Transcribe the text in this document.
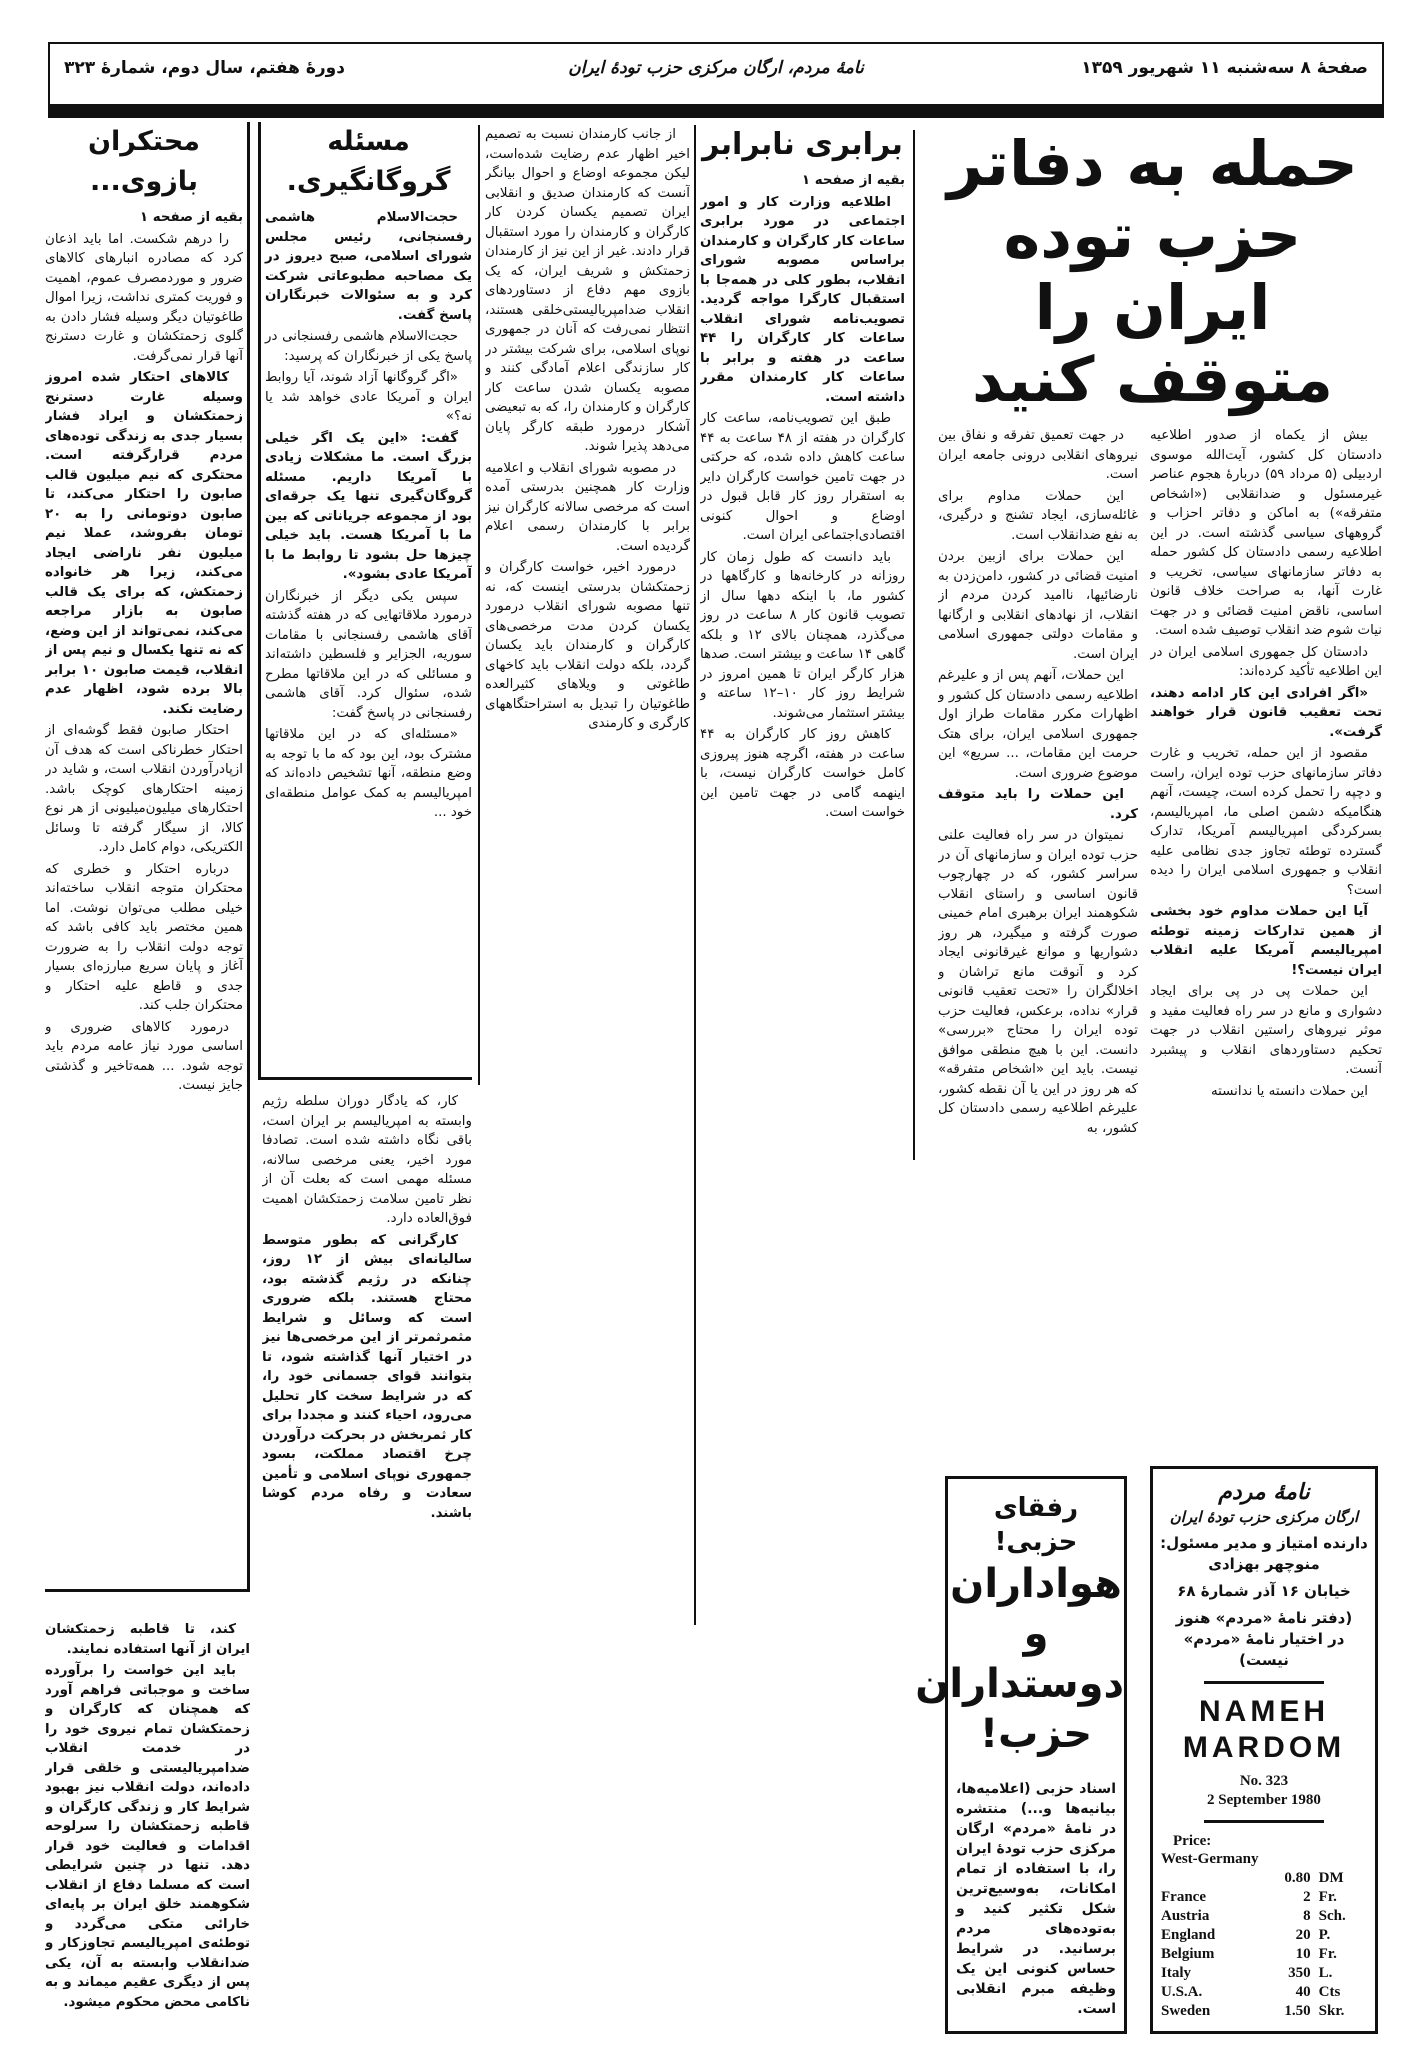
صفحهٔ ۸ سه‌شنبه ۱۱ شهریور ۱۳۵۹
نامهٔ مردم، ارگان مرکزی حزب تودهٔ ایران
دورهٔ هفتم، سال دوم، شمارهٔ ۳۲۳
حمله به دفاتر حزب توده ایران را متوقف کنید

بیش از یکماه از صدور اطلاعیه دادستان کل کشور، آیت‌الله موسوی اردبیلی (۵ مرداد ۵۹) دربارهٔ هجوم عناصر غیرمسئول و ضدانقلابی («اشخاص متفرقه») به اماکن و دفاتر احزاب و گروههای سیاسی گذشته است. در این اطلاعیه رسمی دادستان کل کشور حمله به دفاتر سازمانهای سیاسی، تخریب و غارت آنها، به صراحت خلاف قانون اساسی، ناقض امنیت قضائی و در جهت نیات شوم ضد انقلاب توصیف شده است.

دادستان کل جمهوری اسلامی ایران در این اطلاعیه تأکید کرده‌اند:

«اگر افرادی این کار ادامه دهند، تحت تعقیب قانون قرار خواهند گرفت».

مقصود از این حمله، تخریب و غارت دفاتر سازمانهای حزب توده ایران، راست و دچپه را تحمل کرده است، چیست، آنهم هنگامیکه دشمن اصلی ما، امپریالیسم، بسرکردگی امپریالیسم آمریکا، تدارک گسترده توطئه تجاوز جدی نظامی علیه انقلاب و جمهوری اسلامی ایران را دیده است؟

آیا این حملات مداوم خود بخشی از همین تدارکات زمینه توطئه امپریالیسم آمریکا علیه انقلاب ایران نیست؟!

این حملات پی در پی برای ایجاد دشواری و مانع در سر راه فعالیت مفید و موثر نیروهای راستین انقلاب در جهت تحکیم دستاوردهای انقلاب و پیشبرد آنست.

این حملات دانسته یا ندانسته

در جهت تعمیق تفرقه و نفاق بین نیروهای انقلابی درونی جامعه ایران است.

این حملات مداوم برای غائله‌سازی، ایجاد تشنج و درگیری، به نفع ضدانقلاب است.

این حملات برای ازبین بردن امنیت قضائی در کشور، دامن‌زدن به نارضائیها، ناامید کردن مردم از انقلاب، از نهادهای انقلابی و ارگانها و مقامات دولتی جمهوری اسلامی ایران است.

این حملات، آنهم پس از و علیرغم اطلاعیه رسمی دادستان کل کشور و اظهارات مکرر مقامات طراز اول جمهوری اسلامی ایران، برای هتک حرمت این مقامات، ... سریع» این موضوع ضروری است.

این حملات را باید متوقف کرد.

نمیتوان در سر راه فعالیت علنی حزب توده ایران و سازمانهای آن در سراسر کشور، که در چهارچوب قانون اساسی و راستای انقلاب شکوهمند ایران برهبری امام خمینی صورت گرفته و میگیرد، هر روز دشواریها و موانع غیرقانونی ایجاد کرد و آنوقت مانع تراشان و اخلالگران را «تحت تعقیب قانونی قرار» نداده، برعکس، فعالیت حزب توده ایران را محتاج «بررسی» دانست. این با هیچ منطقی موافق نیست. باید این «اشخاص متفرقه» که هر روز در این یا آن نقطه کشور، علیرغم اطلاعیه رسمی دادستان کل کشور، به

نامهٔ مردم
ارگان مرکزی حزب تودهٔ ایران
دارنده امتیاز و مدیر مسئول:
منوچهر بهزادی
خیابان ۱۶ آذر شمارهٔ ۶۸
(دفتر نامهٔ «مردم» هنوز در اختیار نامهٔ «مردم» نیست)
NAMEH
MARDOM
No. 323
2 September 1980
Price:
West-Germany		
	0.80	DM
France	2	Fr.
Austria	8	Sch.
England	20	P.
Belgium	10	Fr.
Italy	350	L.
U.S.A.	40	Cts
Sweden	1.50	Skr.
رفقای حزبی!
هواداران و دوستداران حزب!
اسناد حزبی (اعلامیه‌ها، بیانیه‌ها و...) منتشره در نامهٔ «مردم» ارگان مرکزی حزب تودهٔ ایران را، با استفاده از تمام امکانات، به‌وسیع‌ترین شکل تکثیر کنید و به‌توده‌های مردم برسانید. در شرایط حساس کنونی این یک وظیفه مبرم انقلابی است.

برابری نابرابر

بقیه از صفحه ۱

اطلاعیه وزارت کار و امور اجتماعی در مورد برابری ساعات کار کارگران و کارمندان براساس مصوبه شورای انقلاب، بطور کلی در همه‌جا با استقبال کارگرا مواجه گردید. تصویب‌نامه شورای انقلاب ساعات کار کارگران را ۴۴ ساعت در هفته و برابر با ساعات کار کارمندان مقرر داشته است.

طبق این تصویب‌نامه، ساعت کار کارگران در هفته از ۴۸ ساعت به ۴۴ ساعت کاهش داده شده، که حرکتی در جهت تامین خواست کارگران دایر به استقرار روز کار قابل قبول در اوضاع و احوال کنونی اقتصادی‌اجتماعی ایران است.

باید دانست که طول زمان کار روزانه در کارخانه‌ها و کارگاهها در کشور ما، با اینکه دهها سال از تصویب قانون کار ۸ ساعت در روز می‌گذرد، همچنان بالای ۱۲ و بلکه گاهی ۱۴ ساعت و بیشتر است. صدها هزار کارگر ایران تا همین امروز در شرایط روز کار ۱۰–۱۲ ساعته و بیشتر استثمار می‌شوند.

کاهش روز کار کارگران به ۴۴ ساعت در هفته، اگرچه هنوز پیروزی کامل خواست کارگران نیست، با اینهمه گامی در جهت تامین این خواست است.

از جانب کارمندان نسبت به تصمیم اخیر اظهار عدم رضایت شده‌است، لیکن مجموعه اوضاع و احوال بیانگر آنست که کارمندان صدیق و انقلابی ایران تصمیم یکسان کردن کار کارگران و کارمندان را مورد استقبال قرار دادند. غیر از این نیز از کارمندان زحمتکش و شریف ایران، که یک بازوی مهم دفاع از دستاوردهای انقلاب ضدامپریالیستی‌خلقی هستند، انتظار نمی‌رفت که آنان در جمهوری نوپای اسلامی، برای شرکت بیشتر در کار سازندگی اعلام آمادگی کنند و مصوبه یکسان شدن ساعت کار کارگران و کارمندان را، که به تبعیضی آشکار درمورد طبقه کارگر پایان می‌دهد پذیرا شوند.

در مصوبه شورای انقلاب و اعلامیه وزارت کار همچنین بدرستی آمده است که مرخصی سالانه کارگران نیز برابر با کارمندان رسمی اعلام گردیده است.

درمورد اخیر، خواست کارگران و زحمتکشان بدرستی اینست که، نه تنها مصوبه شورای انقلاب درمورد یکسان کردن مدت مرخصی‌های کارگران و کارمندان باید یکسان گردد، بلکه دولت انقلاب باید کاخهای طاغوتی و ویلاهای کثیرالعده طاغوتیان را تبدیل به استراحتگاههای کارگری و کارمندی

مسئله گروگانگیری.

حجت‌الاسلام هاشمی رفسنجانی، رئیس مجلس شورای اسلامی، صبح دیروز در یک مصاحبه مطبوعاتی شرکت کرد و به سئوالات خبرنگاران پاسخ گفت.

حجت‌الاسلام هاشمی رفسنجانی در پاسخ یکی از خبرنگاران که پرسید:

«اگر گروگانها آزاد شوند، آیا روابط ایران و آمریکا عادی خواهد شد یا نه؟»

گفت: «این یک اگر خیلی بزرگ است. ما مشکلات زیادی با آمریکا داریم. مسئله گروگان‌گیری تنها یک جرقه‌ای بود از مجموعه جریاناتی که بین ما با آمریکا هست. باید خیلی چیزها حل بشود تا روابط ما با آمریکا عادی بشود».

سپس یکی دیگر از خبرنگاران درمورد ملاقاتهایی که در هفته گذشته آقای هاشمی رفسنجانی با مقامات سوریه، الجزایر و فلسطین داشته‌اند و مسائلی که در این ملاقاتها مطرح شده، سئوال کرد. آقای هاشمی رفسنجانی در پاسخ گفت:

«مسئله‌ای که در این ملاقاتها مشترک بود، این بود که ما با توجه به وضع منطقه، آنها تشخیص داده‌اند که امپریالیسم به کمک عوامل منطقه‌ای خود ...

کار، که یادگار دوران سلطه رژیم وابسته به امپریالیسم بر ایران است، باقی نگاه داشته شده است. تصادفا مورد اخیر، یعنی مرخصی سالانه، مسئله مهمی است که بعلت آن از نظر تامین سلامت زحمتکشان اهمیت فوق‌العاده دارد.

کارگرانی که بطور متوسط سالیانه‌ای بیش از ۱۲ روز، چنانکه در رژیم گذشته بود، محتاج هستند. بلکه ضروری است که وسائل و شرایط مثمرثمرتر از این مرخصی‌ها نیز در اختیار آنها گذاشته شود، تا بتوانند قوای جسمانی خود را، که در شرایط سخت کار تحلیل می‌رود، احیاء کنند و مجددا برای کار ثمربخش در بحرکت درآوردن چرخ اقتصاد مملکت، بسود جمهوری نوپای اسلامی و تأمین سعادت و رفاه مردم کوشا باشند.

محتکران بازوی...

بقیه از صفحه ۱

را درهم شکست. اما باید اذعان کرد که مصادره انبارهای کالاهای ضرور و موردمصرف عموم، اهمیت و فوریت کمتری نداشت، زیرا اموال طاغوتیان دیگر وسیله فشار دادن به گلوی زحمتکشان و غارت دسترنج آنها قرار نمی‌گرفت.

کالاهای احتکار شده امروز وسیله غارت دسترنج زحمتکشان و ایراد فشار بسیار جدی به زندگی توده‌های مردم قرارگرفته است. محتکری که نیم میلیون قالب صابون را احتکار می‌کند، تا صابون دوتومانی را به ۲۰ تومان بفروشد، عملا نیم میلیون نفر ناراضی ایجاد می‌کند، زیرا هر خانواده زحمتکش، که برای یک قالب صابون به بازار مراجعه می‌کند، نمی‌تواند از این وضع، که نه تنها یکسال و نیم پس از انقلاب، قیمت صابون ۱۰ برابر بالا برده شود، اظهار عدم رضایت نکند.

احتکار صابون فقط گوشه‌ای از احتکار خطرناکی است که هدف آن ازپادرآوردن انقلاب است، و شاید در زمینه احتکارهای کوچک باشد. احتکارهای میلیون‌میلیونی از هر نوع کالا، از سیگار گرفته تا وسائل الکتریکی، دوام کامل دارد.

درباره احتکار و خطری که محتکران متوجه انقلاب ساخته‌اند خیلی مطلب می‌توان نوشت. اما همین مختصر باید کافی باشد که توجه دولت انقلاب را به ضرورت آغاز و پایان سریع مبارزه‌ای بسیار جدی و قاطع علیه احتکار و محتکران جلب کند.

درمورد کالاهای ضروری و اساسی مورد نیاز عامه مردم باید توجه شود. ... همه‌تاخیر و گذشتی جایز نیست.

کند، تا قاطبه زحمتکشان ایران از آنها استفاده نمایند.

باید این خواست را برآورده ساخت و موجباتی فراهم آورد که همچنان که کارگران و زحمتکشان تمام نیروی خود را در خدمت انقلاب ضدامپریالیستی و خلقی قرار داده‌اند، دولت انقلاب نیز بهبود شرایط کار و زندگی کارگران و قاطبه زحمتکشان را سرلوحه اقدامات و فعالیت خود قرار دهد. تنها در چنین شرایطی است که مسلما دفاع از انقلاب شکوهمند خلق ایران بر پایه‌ای خارائی متکی می‌گردد و توطئه‌ی امپریالیسم تجاوزکار و ضدانقلاب وابسته به آن، یکی پس از دیگری عقیم میماند و به ناکامی محض محکوم میشود.
